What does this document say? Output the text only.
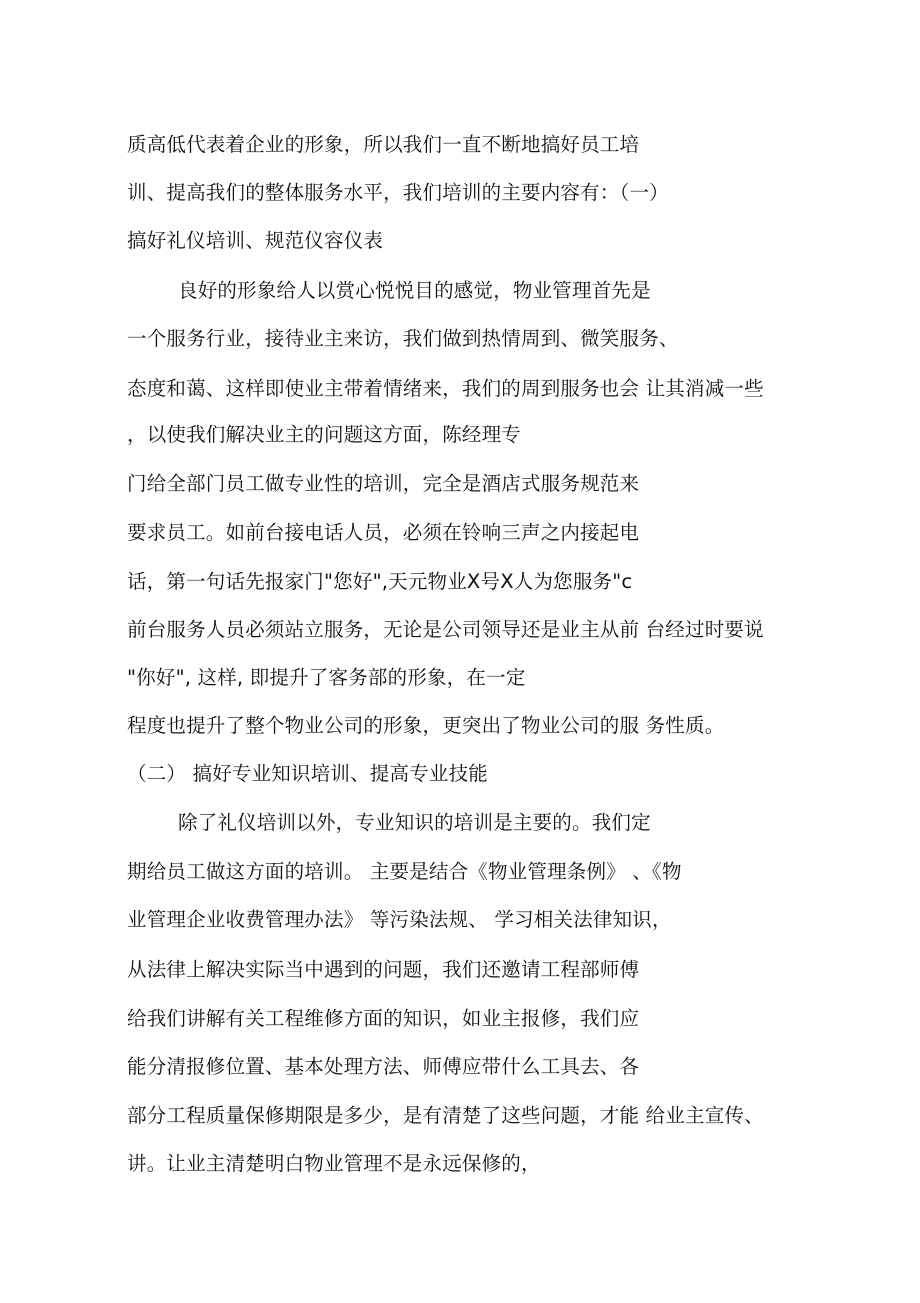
质高低代表着企业的形象，所以我们一直不断地搞好员工培
训、提高我们的整体服务水平，我们培训的主要内容有：（一）
搞好礼仪培训、规范仪容仪表
良好的形象给人以赏心悦悦目的感觉，物业管理首先是
一个服务行业，接待业主来访，我们做到热情周到、微笑服务、
态度和蔼、这样即使业主带着情绪来，我们的周到服务也会 让其消减一些
，以使我们解决业主的问题这方面，陈经理专
门给全部门员工做专业性的培训，完全是酒店式服务规范来
要求员工。如前台接电话人员，必须在铃响三声之内接起电
话，第一句话先报家门"您好",天元物业X号X人为您服务"c
前台服务人员必须站立服务，无论是公司领导还是业主从前 台经过时要说
"你好", 这样, 即提升了客务部的形象，在一定
程度也提升了整个物业公司的形象，更突出了物业公司的服 务性质。
（二） 搞好专业知识培训、提高专业技能
除了礼仪培训以外，专业知识的培训是主要的。我们定
期给员工做这方面的培训。 主要是结合《物业管理条例》 、《物
业管理企业收费管理办法》 等污染法规、 学习相关法律知识，
从法律上解决实际当中遇到的问题，我们还邀请工程部师傅
给我们讲解有关工程维修方面的知识，如业主报修，我们应
能分清报修位置、基本处理方法、师傅应带什么工具去、各
部分工程质量保修期限是多少，是有清楚了这些问题，才能 给业主宣传、
讲。让业主清楚明白物业管理不是永远保修的，
